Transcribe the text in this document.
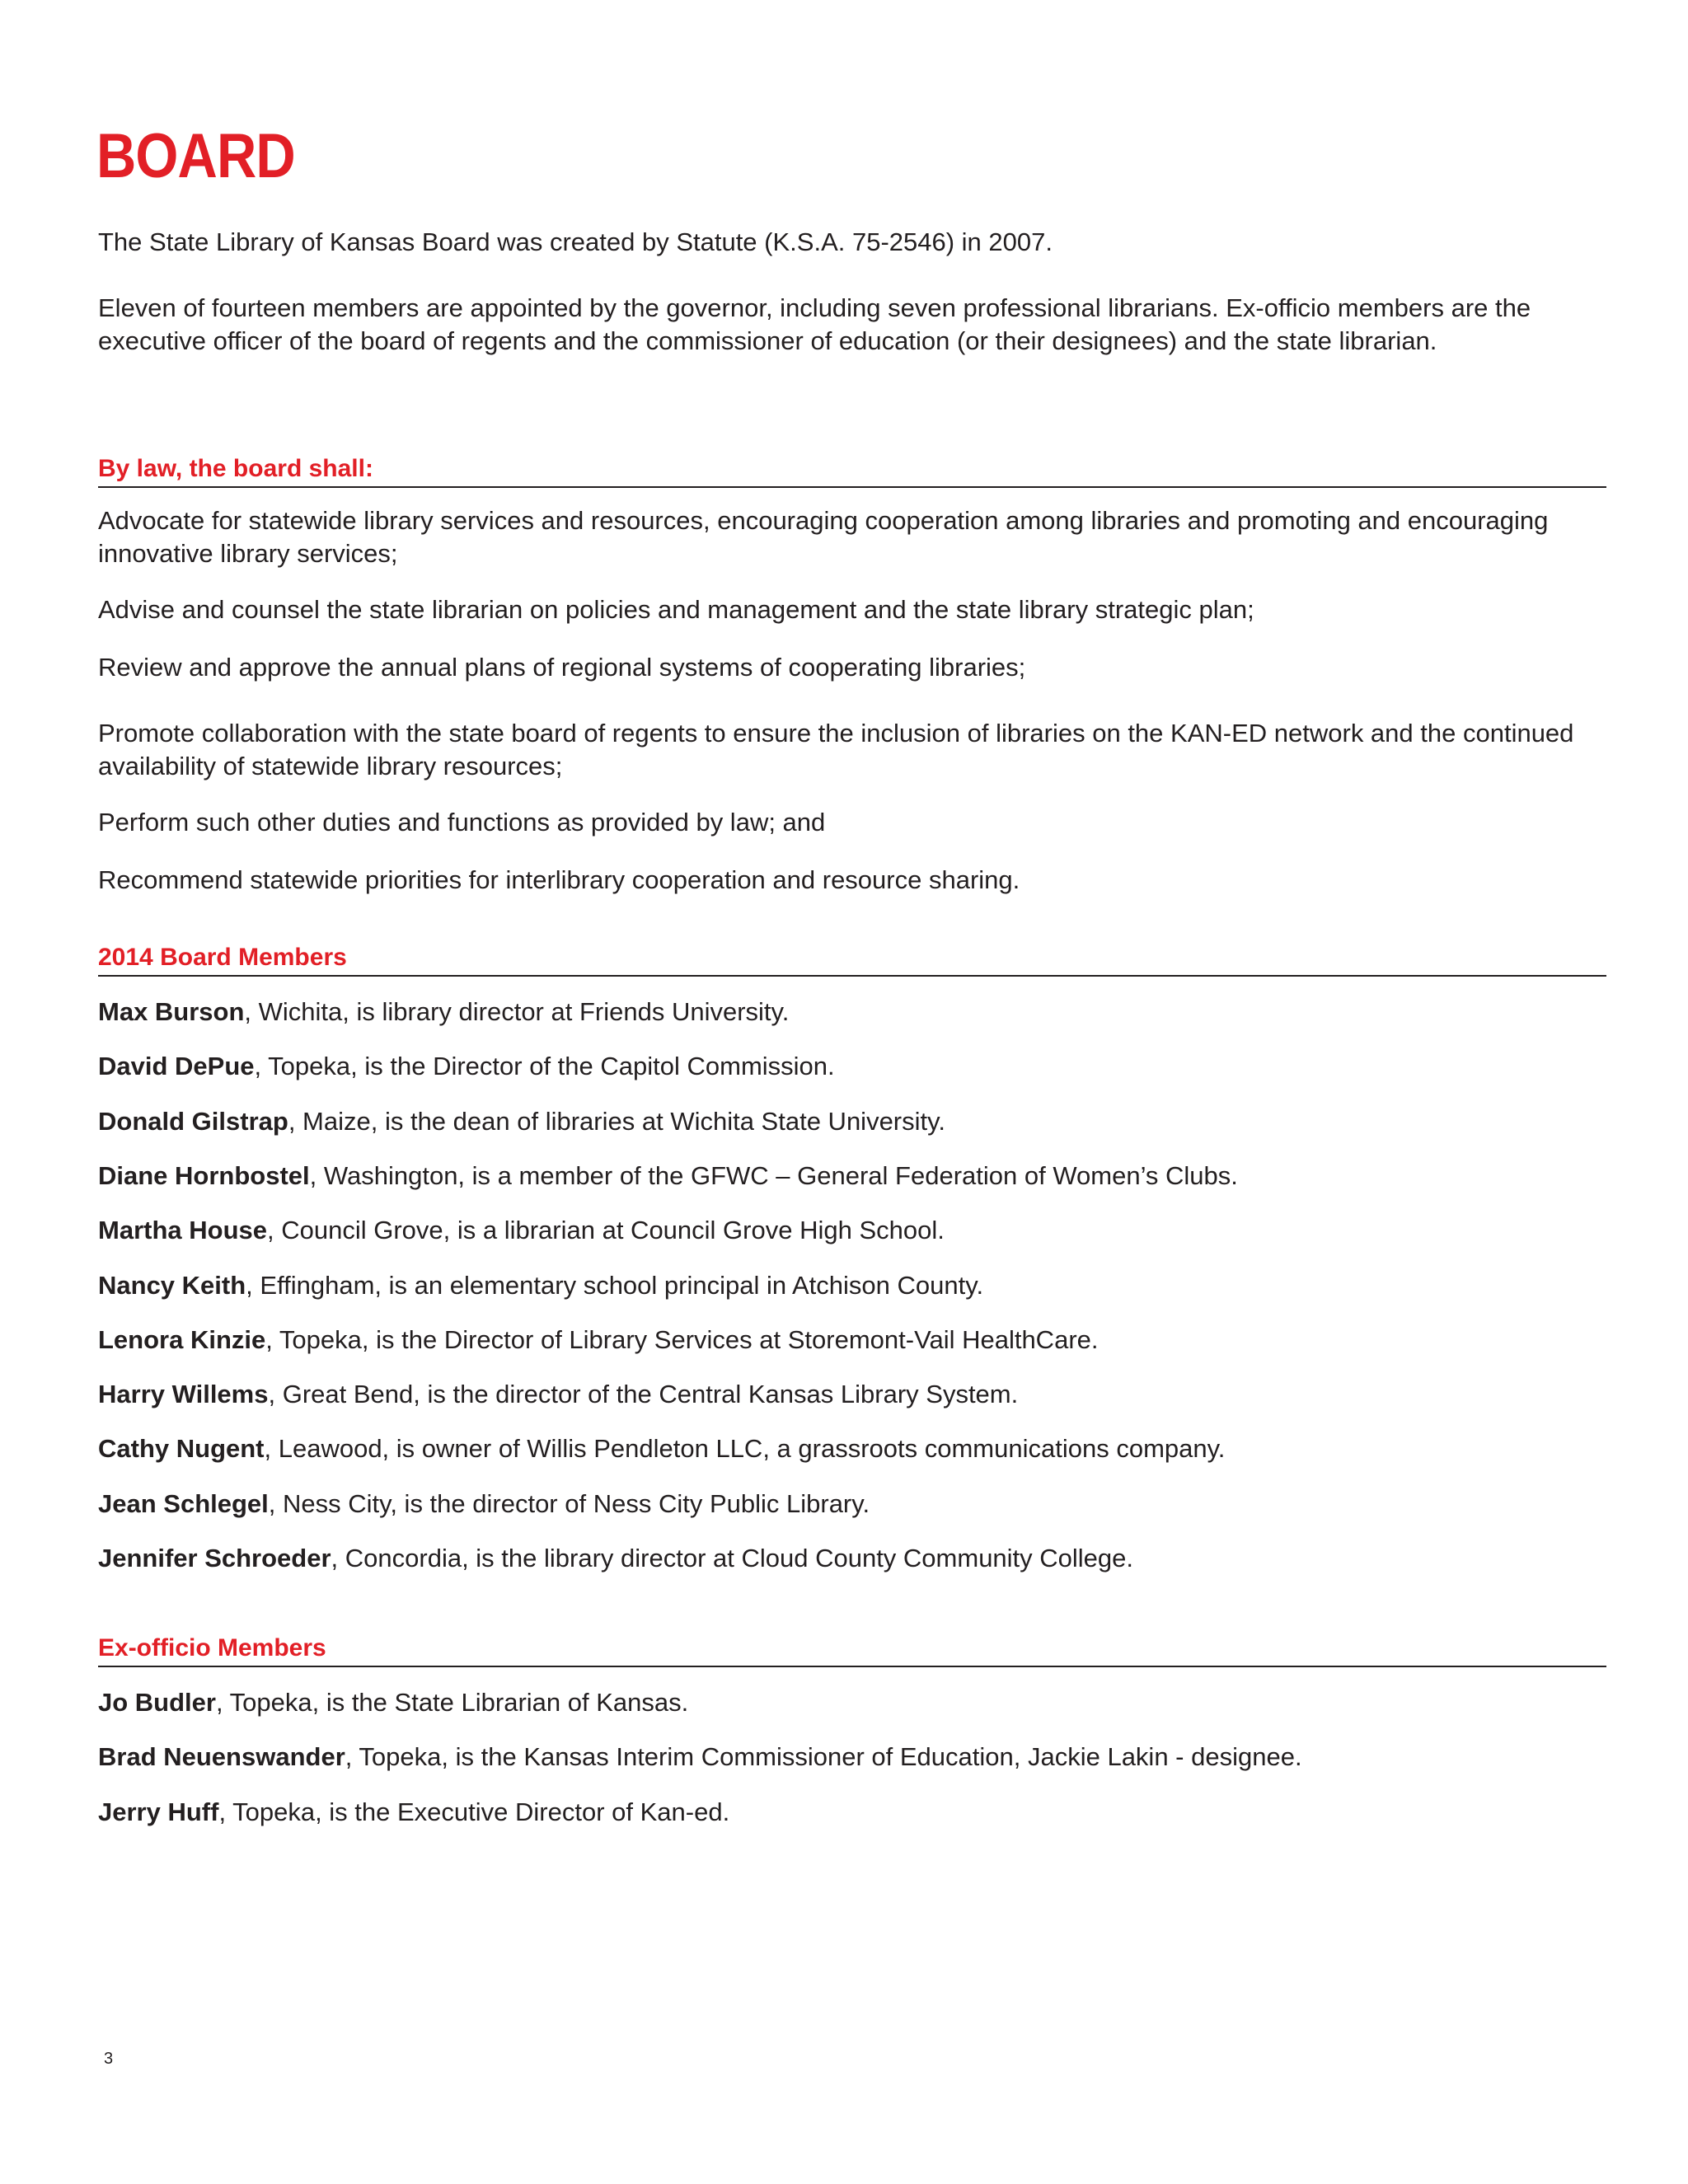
BOARD

The State Library of Kansas Board was created by Statute (K.S.A. 75-2546) in 2007.

Eleven of fourteen members are appointed by the governor, including seven professional librarians. Ex-officio members are the executive officer of the board of regents and the commissioner of education (or their designees) and the state librarian.

By law, the board shall:

Advocate for statewide library services and resources, encouraging cooperation among libraries and promoting and encouraging innovative library services;

Advise and counsel the state librarian on policies and management and the state library strategic plan;

Review and approve the annual plans of regional systems of cooperating libraries;

Promote collaboration with the state board of regents to ensure the inclusion of libraries on the KAN-ED network and the continued availability of statewide library resources;

Perform such other duties and functions as provided by law; and

Recommend statewide priorities for interlibrary cooperation and resource sharing.

2014 Board Members
Max Burson, Wichita, is library director at Friends University.
David DePue, Topeka, is the Director of the Capitol Commission.
Donald Gilstrap, Maize, is the dean of libraries at Wichita State University.
Diane Hornbostel, Washington, is a member of the GFWC – General Federation of Women’s Clubs.
Martha House, Council Grove, is a librarian at Council Grove High School.
Nancy Keith, Effingham, is an elementary school principal in Atchison County.
Lenora Kinzie, Topeka, is the Director of Library Services at Storemont-Vail HealthCare.
Harry Willems, Great Bend, is the director of the Central Kansas Library System.
Cathy Nugent, Leawood, is owner of Willis Pendleton LLC, a grassroots communications company.
Jean Schlegel, Ness City, is the director of Ness City Public Library.
Jennifer Schroeder, Concordia, is the library director at Cloud County Community College.
Ex-officio Members
Jo Budler, Topeka, is the State Librarian of Kansas.
Brad Neuenswander, Topeka, is the Kansas Interim Commissioner of Education, Jackie Lakin - designee.
Jerry Huff, Topeka, is the Executive Director of Kan-ed.
3
